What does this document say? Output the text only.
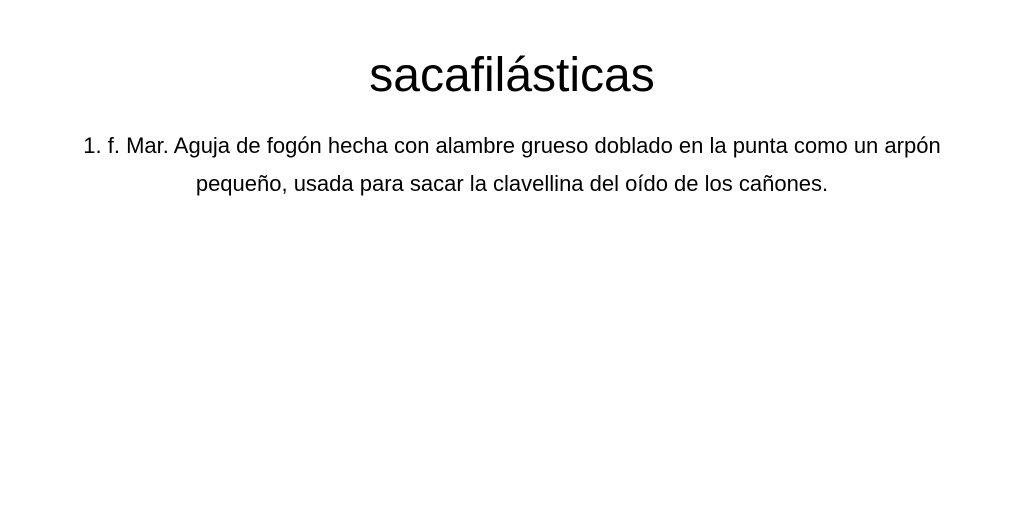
sacafilásticas

1. f. Mar. Aguja de fogón hecha con alambre grueso doblado en la punta como un arpón pequeño, usada para sacar la clavellina del oído de los cañones.
